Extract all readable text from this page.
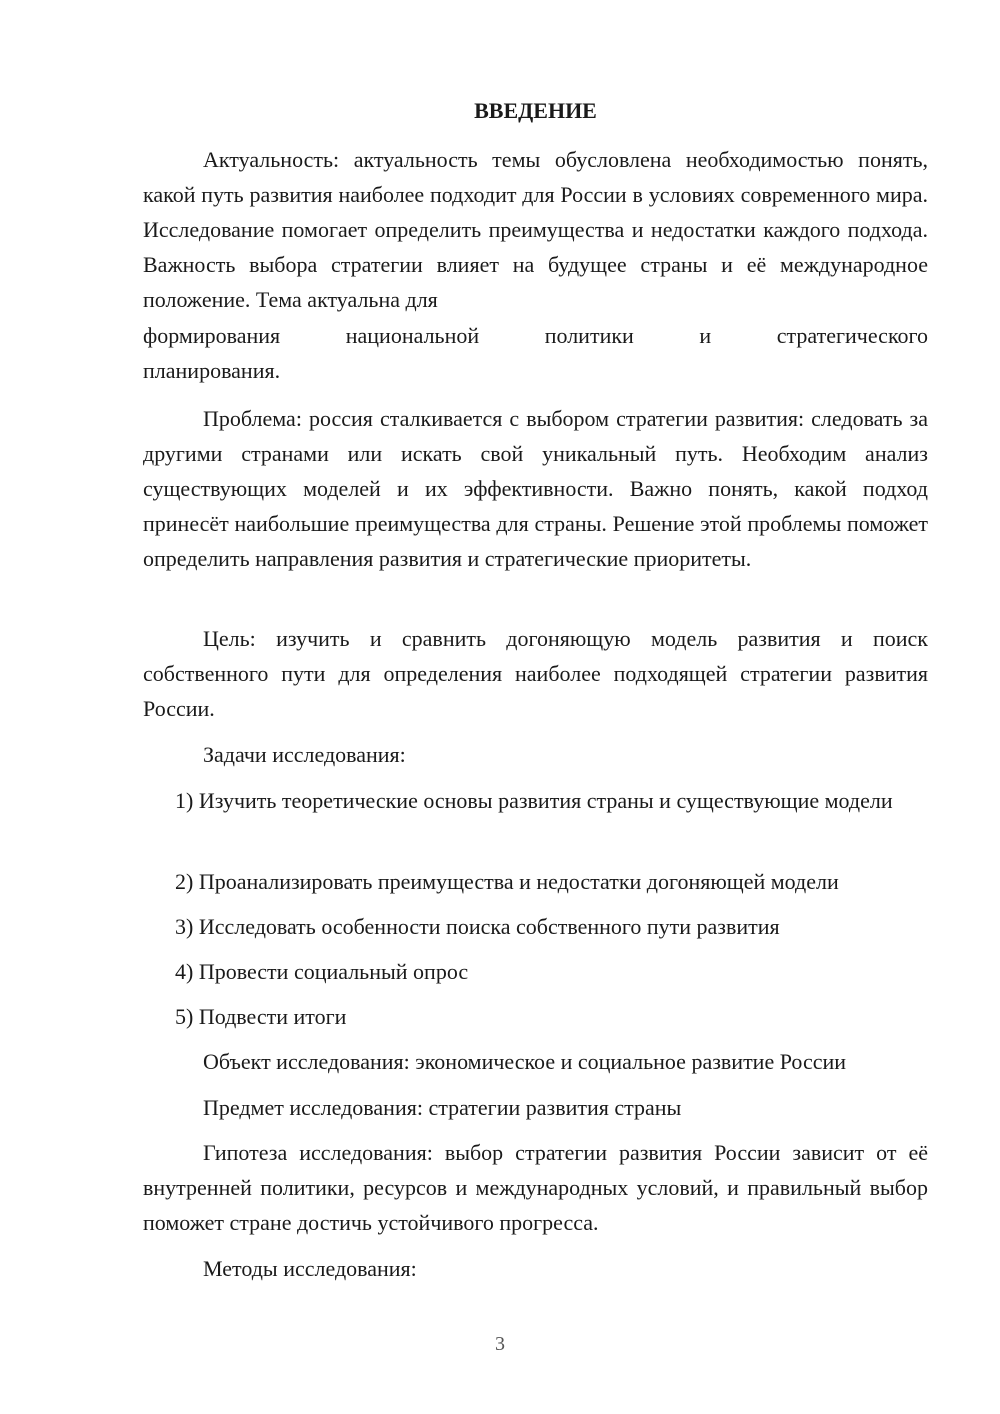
ВВЕДЕНИЕ

Актуальность: актуальность темы обусловлена необходимостью понять, какой путь развития наиболее подходит для России в условиях современного мира. Исследование помогает определить преимущества и недостатки каждого подхода. Важность выбора стратегии влияет на будущее страны и её международное положение. Тема актуальна для

формирования	национальной	политики	и	стратегического

планирования.

Проблема: россия сталкивается с выбором стратегии развития: следовать за другими странами или искать свой уникальный путь. Необходим анализ существующих моделей и их эффективности. Важно понять, какой подход принесёт наибольшие преимущества для страны. Решение этой проблемы поможет определить направления развития и стратегические приоритеты.

Цель: изучить и сравнить догоняющую модель развития и поиск собственного пути для определения наиболее подходящей стратегии развития России.

Задачи исследования:

1) Изучить теоретические основы развития страны и существующие модели

2) Проанализировать преимущества и недостатки догоняющей модели

3) Исследовать особенности поиска собственного пути развития

4) Провести социальный опрос

5) Подвести итоги

Объект исследования: экономическое и социальное развитие России

Предмет исследования: стратегии развития страны

Гипотеза исследования: выбор стратегии развития России зависит от её внутренней политики, ресурсов и международных условий, и правильный выбор поможет стране достичь устойчивого прогресса.

Методы исследования:

3
